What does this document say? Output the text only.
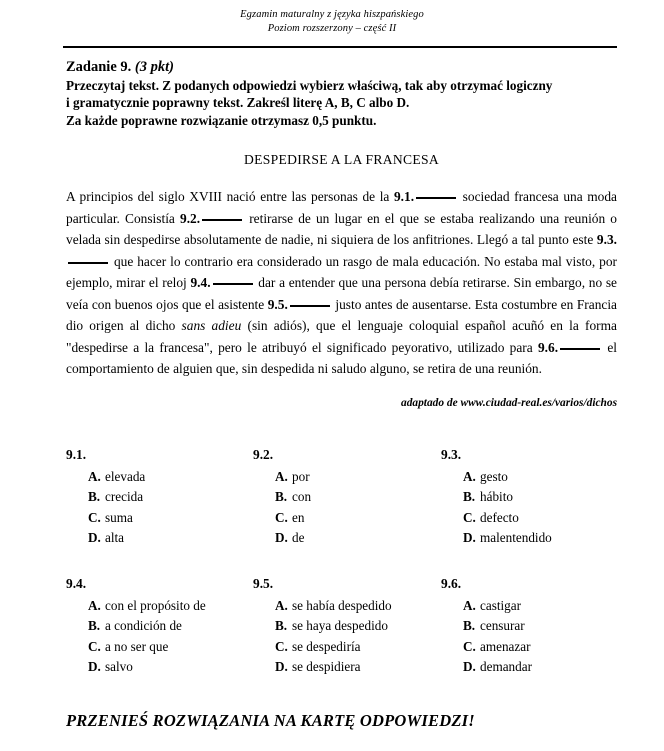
Egzamin maturalny z języka hiszpańskiego
Poziom rozszerzony – część II
Zadanie 9. (3 pkt)

Przeczytaj tekst. Z podanych odpowiedzi wybierz właściwą, tak aby otrzymać logiczny

i gramatycznie poprawny tekst. Zakreśl literę A, B, C albo D.

Za każde poprawne rozwiązanie otrzymasz 0,5 punktu.

DESPEDIRSE A LA FRANCESA
A principios del siglo XVIII nació entre las personas de la 9.1.	sociedad francesa una moda particular. Consistía 9.2.	retirarse de un lugar en el que se estaba realizando una reunión o velada sin despedirse absolutamente de nadie, ni siquiera de los anfitriones. Llegó a tal punto este 9.3. que hacer lo contrario era considerado un rasgo de mala educación. No estaba mal visto, por ejemplo, mirar el reloj 9.4.	dar a entender que una persona debía retirarse. Sin embargo, no se veía con buenos ojos que el asistente 9.5.	justo antes de ausentarse. Esta costumbre en Francia dio origen al dicho sans adieu (sin adiós), que el lenguaje coloquial español acuñó en la forma "despedirse a la francesa", pero le atribuyó el significado peyorativo, utilizado para 9.6.	el comportamiento de alguien que, sin despedida ni saludo alguno, se retira de una reunión.
adaptado de www.ciudad-real.es/varios/dichos
9.1.
A. elevada
B. crecida
C. suma
D. alta
9.2.
A. por
B. con
C. en
D. de
9.3.
A. gesto
B. hábito
C. defecto
D. malentendido
9.4.
A. con el propósito de
B. a condición de
C. a no ser que
D. salvo
9.5.
A. se había despedido
B. se haya despedido
C. se despediría
D. se despidiera
9.6.
A. castigar
B. censurar
C. amenazar
D. demandar
PRZENIEŚ ROZWIĄZANIA NA KARTĘ ODPOWIEDZI!
